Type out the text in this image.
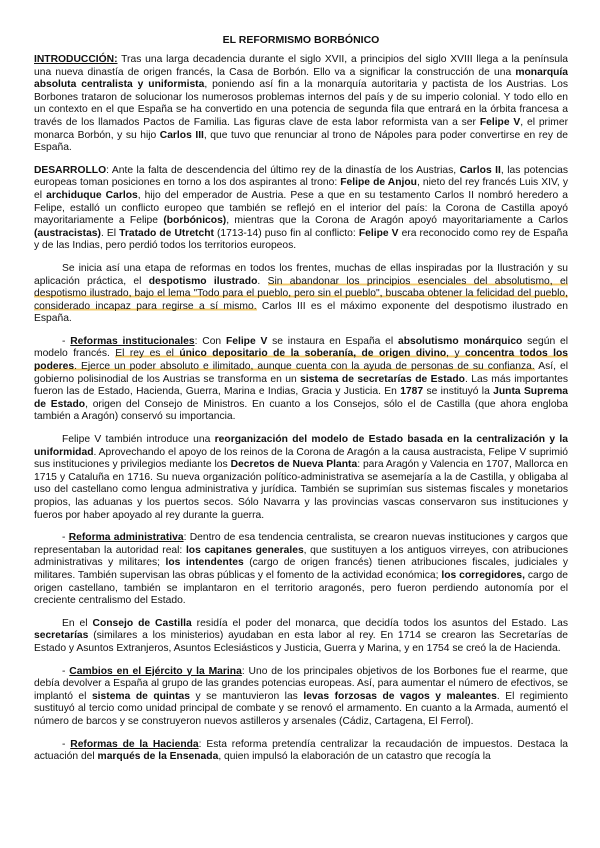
EL REFORMISMO BORBÓNICO

INTRODUCCIÓN: Tras una larga decadencia durante el siglo XVII, a principios del siglo XVIII llega a la península una nueva dinastía de origen francés, la Casa de Borbón. Ello va a significar la construcción de una monarquía absoluta centralista y uniformista, poniendo así fin a la monarquía autoritaria y pactista de los Austrias. Los Borbones trataron de solucionar los numerosos problemas internos del país y de su imperio colonial. Y todo ello en un contexto en el que España se ha convertido en una potencia de segunda fila que entrará en la órbita francesa a través de los llamados Pactos de Familia. Las figuras clave de esta labor reformista van a ser Felipe V, el primer monarca Borbón, y su hijo Carlos III, que tuvo que renunciar al trono de Nápoles para poder convertirse en rey de España.

DESARROLLO: Ante la falta de descendencia del último rey de la dinastía de los Austrias, Carlos II, las potencias europeas toman posiciones en torno a los dos aspirantes al trono: Felipe de Anjou, nieto del rey francés Luis XIV, y el archiduque Carlos, hijo del emperador de Austria. Pese a que en su testamento Carlos II nombró heredero a Felipe, estalló un conflicto europeo que también se reflejó en el interior del país: la Corona de Castilla apoyó mayoritariamente a Felipe (borbónicos), mientras que la Corona de Aragón apoyó mayoritariamente a Carlos (austracistas). El Tratado de Utretcht (1713-14) puso fin al conflicto: Felipe V era reconocido como rey de España y de las Indias, pero perdió todos los territorios europeos.

Se inicia así una etapa de reformas en todos los frentes, muchas de ellas inspiradas por la Ilustración y su aplicación práctica, el despotismo ilustrado. Sin abandonar los principios esenciales del absolutismo, el despotismo ilustrado, bajo el lema "Todo para el pueblo, pero sin el pueblo", buscaba obtener la felicidad del pueblo, considerado incapaz para regirse a sí mismo. Carlos III es el máximo exponente del despotismo ilustrado en España.

- Reformas institucionales: Con Felipe V se instaura en España el absolutismo monárquico según el modelo francés. El rey es el único depositario de la soberanía, de origen divino, y concentra todos los poderes. Ejerce un poder absoluto e ilimitado, aunque cuenta con la ayuda de personas de su confianza. Así, el gobierno polisinodial de los Austrias se transforma en un sistema de secretarías de Estado. Las más importantes fueron las de Estado, Hacienda, Guerra, Marina e Indias, Gracia y Justicia. En 1787 se instituyó la Junta Suprema de Estado, origen del Consejo de Ministros. En cuanto a los Consejos, sólo el de Castilla (que ahora engloba también a Aragón) conservó su importancia.

Felipe V también introduce una reorganización del modelo de Estado basada en la centralización y la uniformidad. Aprovechando el apoyo de los reinos de la Corona de Aragón a la causa austracista, Felipe V suprimió sus instituciones y privilegios mediante los Decretos de Nueva Planta: para Aragón y Valencia en 1707, Mallorca en 1715 y Cataluña en 1716. Su nueva organización político-administrativa se asemejaría a la de Castilla, y obligaba al uso del castellano como lengua administrativa y jurídica. También se suprimían sus sistemas fiscales y monetarios propios, las aduanas y los puertos secos. Sólo Navarra y las provincias vascas conservaron sus instituciones y fueros por haber apoyado al rey durante la guerra.

- Reforma administrativa: Dentro de esa tendencia centralista, se crearon nuevas instituciones y cargos que representaban la autoridad real: los capitanes generales, que sustituyen a los antiguos virreyes, con atribuciones administrativas y militares; los intendentes (cargo de origen francés) tienen atribuciones fiscales, judiciales y militares. También supervisan las obras públicas y el fomento de la actividad económica; los corregidores, cargo de origen castellano, también se implantaron en el territorio aragonés, pero fueron perdiendo autonomía por el creciente centralismo del Estado.

En el Consejo de Castilla residía el poder del monarca, que decidía todos los asuntos del Estado. Las secretarías (similares a los ministerios) ayudaban en esta labor al rey. En 1714 se crearon las Secretarías de Estado y Asuntos Extranjeros, Asuntos Eclesiásticos y Justicia, Guerra y Marina, y en 1754 se creó la de Hacienda.

- Cambios en el Ejército y la Marina: Uno de los principales objetivos de los Borbones fue el rearme, que debía devolver a España al grupo de las grandes potencias europeas. Así, para aumentar el número de efectivos, se implantó el sistema de quintas y se mantuvieron las levas forzosas de vagos y maleantes. El regimiento sustituyó al tercio como unidad principal de combate y se renovó el armamento. En cuanto a la Armada, aumentó el número de barcos y se construyeron nuevos astilleros y arsenales (Cádiz, Cartagena, El Ferrol).

- Reformas de la Hacienda: Esta reforma pretendía centralizar la recaudación de impuestos. Destaca la actuación del marqués de la Ensenada, quien impulsó la elaboración de un catastro que recogía la
